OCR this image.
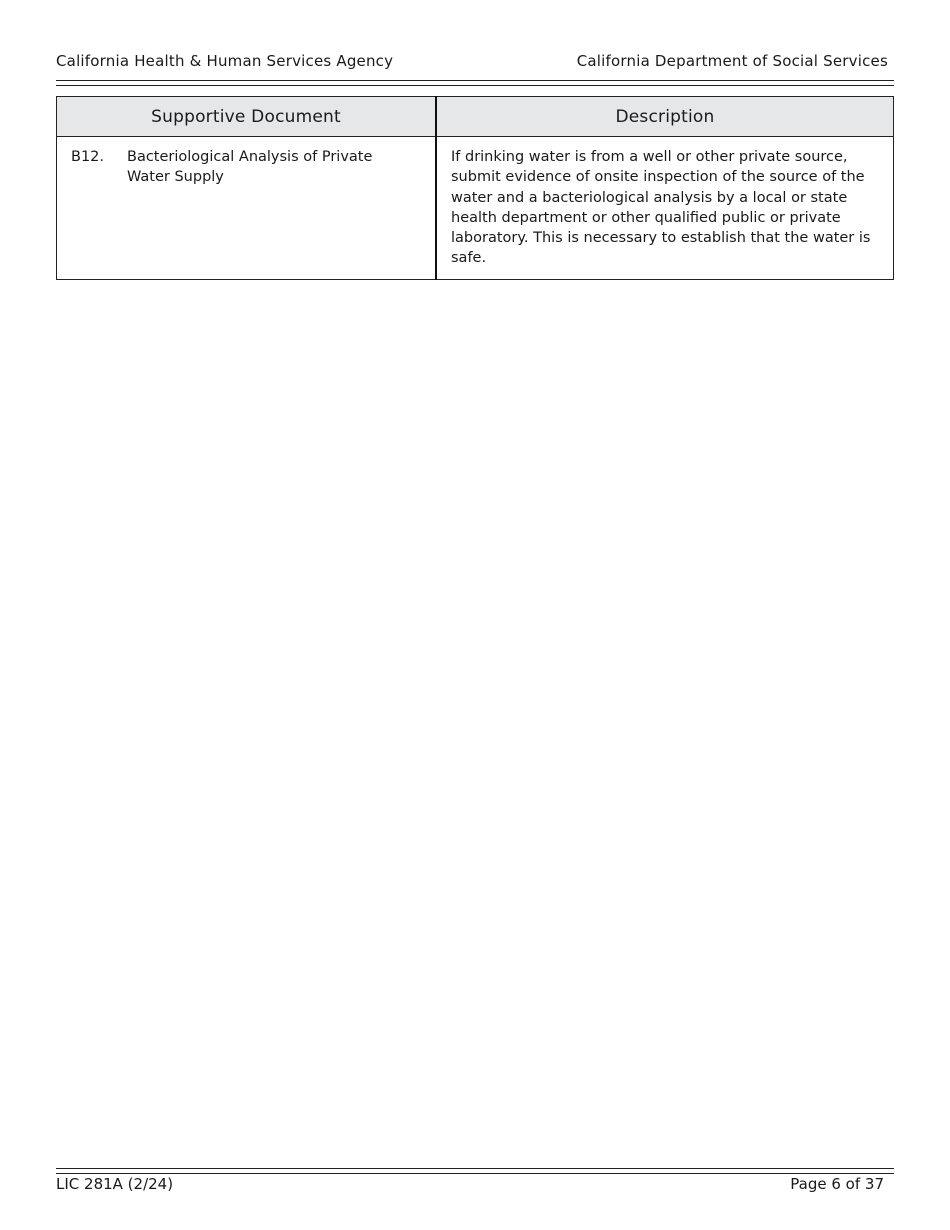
California Health & Human Services Agency	California Department of Social Services
Supportive Document	Description

B12. Bacteriological Analysis of Private Water Supply	If drinking water is from a well or other private source, submit evidence of onsite inspection of the source of the water and a bacteriological analysis by a local or state health department or other qualified public or private laboratory. This is necessary to establish that the water is safe.
LIC 281A (2/24)	Page 6 of 37
